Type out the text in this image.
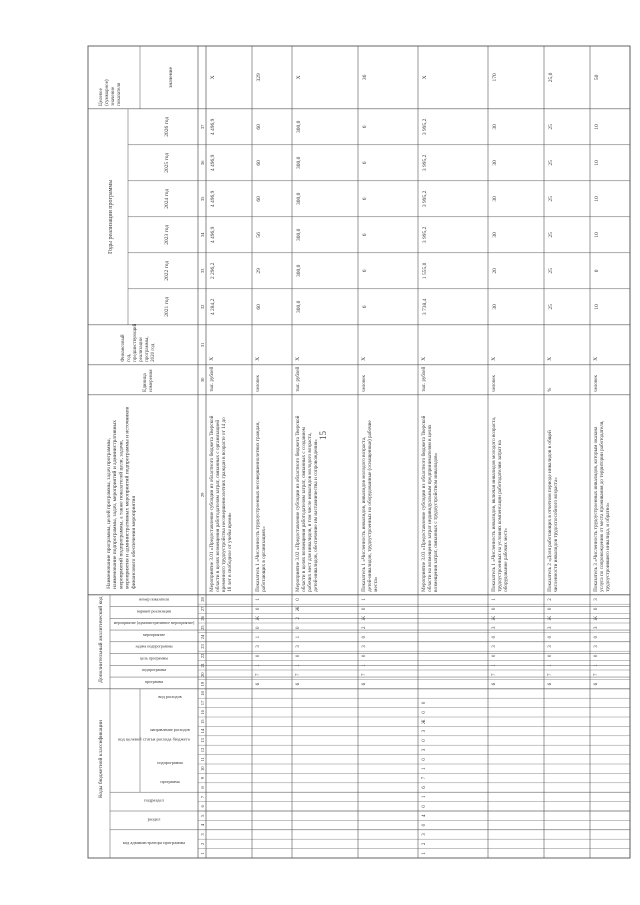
15
Коды бюджетной классификации
Дополнительный аналитический код
код администратора программы
раздел
подраздел
код целевой статьи расхода бюджета
программа
подпрограмма
направление расходов
вид расходов
программа
подпрограмма
цель программы
задача подпрограммы
мероприятие
мероприятие (административное мероприятие)
вариант реализации
номер показателя
Наименование программы, целей программы, задач программы,наименование подпрограммы, задач, мероприятий и административныхмероприятий подпрограммы, а также показателей цели, задачи,мероприятия и административных мероприятий подпрограммы и источниковфинансового обеспечения мероприятия
Единицаизмерения
Финансовыйгод,предшествующийреализациипрограммы,2020 год
Годы реализации программы
2021 год
2022 год
2023 год
2024 год
2025 год
2026 год
Целевое(суммарное)значениепоказателя
значение
1
2
3
4
5
6
7
8
9
10
11
12
13
14
15
16
17
18
19
20
21
22
23
24
25
26
27
28
29
30
31
32
33
34
35
36
37
Мероприятие 3.01 «Предоставление субсидии из областного бюджета Тверскойобласти в целях возмещения работодателям затрат, связанных с организациейвременного трудоустройства несовершеннолетних граждан в возрасте от 14 до18 лет в свободное от учебы время»
тыс. рублей
Х
4 284,2
2 296,2
4 496,9
4 496,9
4 496,9
4 496,9
Х
6
7
1
0
3
1
0
Ж
0
1
Показатель 1 «Численность трудоустроенных несовершеннолетних граждан,работающих в организациях»
человек
Х
60
29
56
60
60
60
329
6
7
1
0
3
1
0
2
Ж
0
Мероприятие 3.02 «Предоставление субсидии из областного бюджета Тверскойобласти в целях возмещения работодателям затрат, связанных с созданиемрабочих мест для инвалидов, в том числе инвалидов молодого возраста,детей-инвалидов, обеспечение им наставничества и сопровождения»
тыс. рублей
Х
300,0
300,0
300,0
300,0
300,0
300,0
Х
6
7
1
0
3
0
2
Ж
0
1
Показатель 1 «Численность инвалидов, инвалидов молодого возраста,детей-инвалидов, трудоустроенных на оборудованные (оснащенные) рабочиеместа»
человек
Х
6
6
6
6
6
6
36
1
2
3
0
4
0
1
6
7
1
0
3
0
3
Ж
0
0
Мероприятие 3.03 «Предоставление субсидии из областного бюджета Тверскойобласти на возмещение затрат индивидуальным предпринимателям в целяхвозмещения затрат, связанных с трудоустройством инвалидов»
тыс. рублей
Х
3 738,4
1 555,0
3 995,2
3 995,2
3 995,2
3 995,2
Х
6
7
1
0
3
0
3
Ж
0
1
Показатель 1 «Численность инвалидов, включая инвалидов молодого возраста,трудоустроенных на условиях компенсации работодателям затрат наоборудование рабочих мест»
человек
Х
30
20
30
30
30
30
170
6
7
1
0
3
0
3
Ж
0
2
Показатель 2 «Доля работающих в отчетном периоде инвалидов в общейчисленности инвалидов трудоспособного возраста»
%
Х
25
25
25
25
25
25
25,0
6
7
1
0
3
0
3
Ж
0
3
Показатель 3 «Численность трудоустроенных инвалидов, которым оказанауслуга по сопровождению от места проживания до территории работодателя,трудоустроившего инвалида, и обратно»
человек
Х
10
0
10
10
10
10
50
